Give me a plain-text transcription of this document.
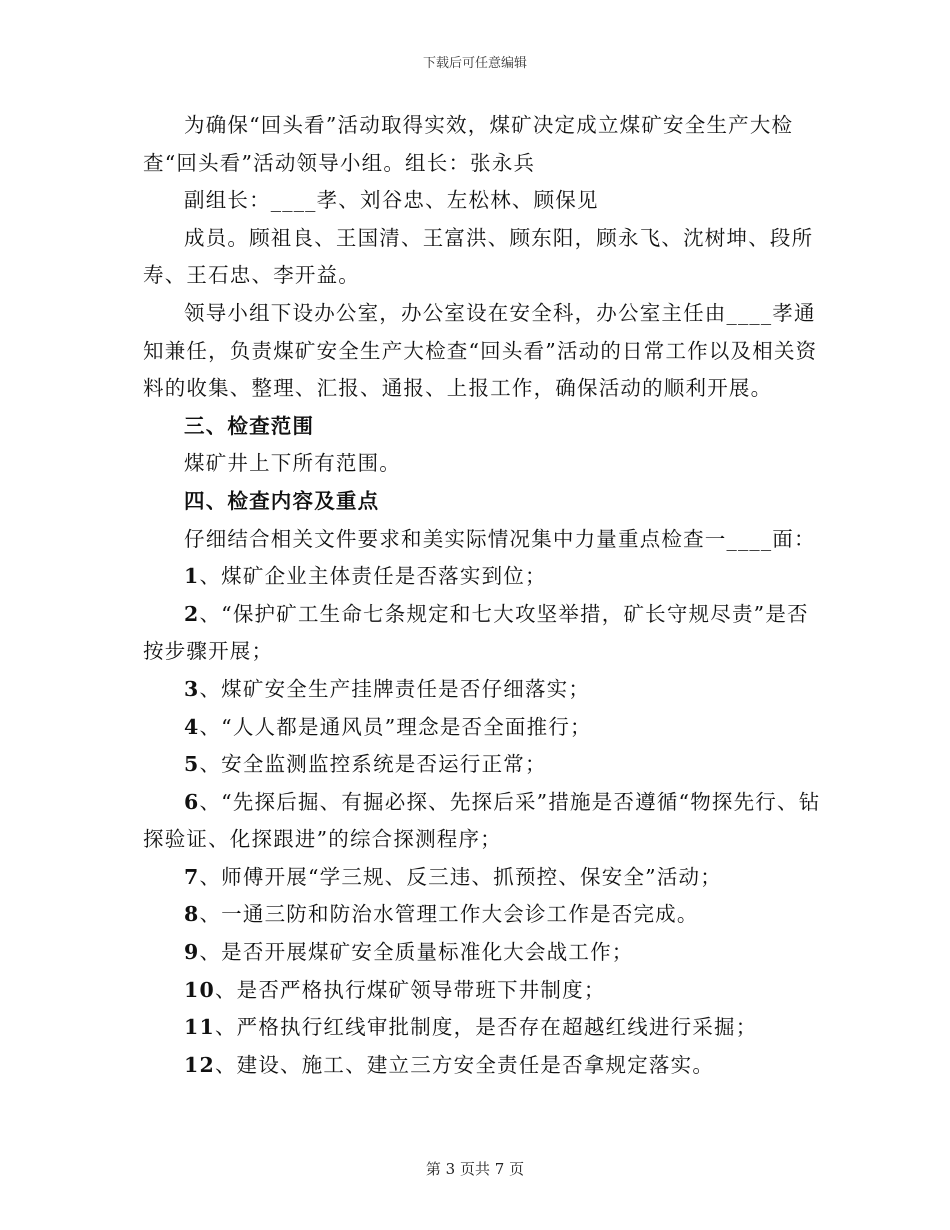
下载后可任意编辑

为确保“回头看”活动取得实效，煤矿决定成立煤矿安全生产大检查“回头看”活动领导小组。组长：张永兵

副组长：____孝、刘谷忠、左松林、顾保见

成员。顾祖良、王国清、王富洪、顾东阳，顾永飞、沈树坤、段所寿、王石忠、李开益。

领导小组下设办公室，办公室设在安全科，办公室主任由____孝通知兼任，负责煤矿安全生产大检查“回头看”活动的日常工作以及相关资料的收集、整理、汇报、通报、上报工作，确保活动的顺利开展。

三、检查范围

煤矿井上下所有范围。

四、检查内容及重点

仔细结合相关文件要求和美实际情况集中力量重点检查一____面：

1、煤矿企业主体责任是否落实到位；

2、“保护矿工生命七条规定和七大攻坚举措，矿长守规尽责”是否按步骤开展；

3、煤矿安全生产挂牌责任是否仔细落实；

4、“人人都是通风员”理念是否全面推行；

5、安全监测监控系统是否运行正常；

6、“先探后掘、有掘必探、先探后采”措施是否遵循“物探先行、钻探验证、化探跟进”的综合探测程序；

7、师傅开展“学三规、反三违、抓预控、保安全”活动；

8、一通三防和防治水管理工作大会诊工作是否完成。

9、是否开展煤矿安全质量标准化大会战工作；

10、是否严格执行煤矿领导带班下井制度；

11、严格执行红线审批制度，是否存在超越红线进行采掘；

12、建设、施工、建立三方安全责任是否拿规定落实。

第 3 页共 7 页
